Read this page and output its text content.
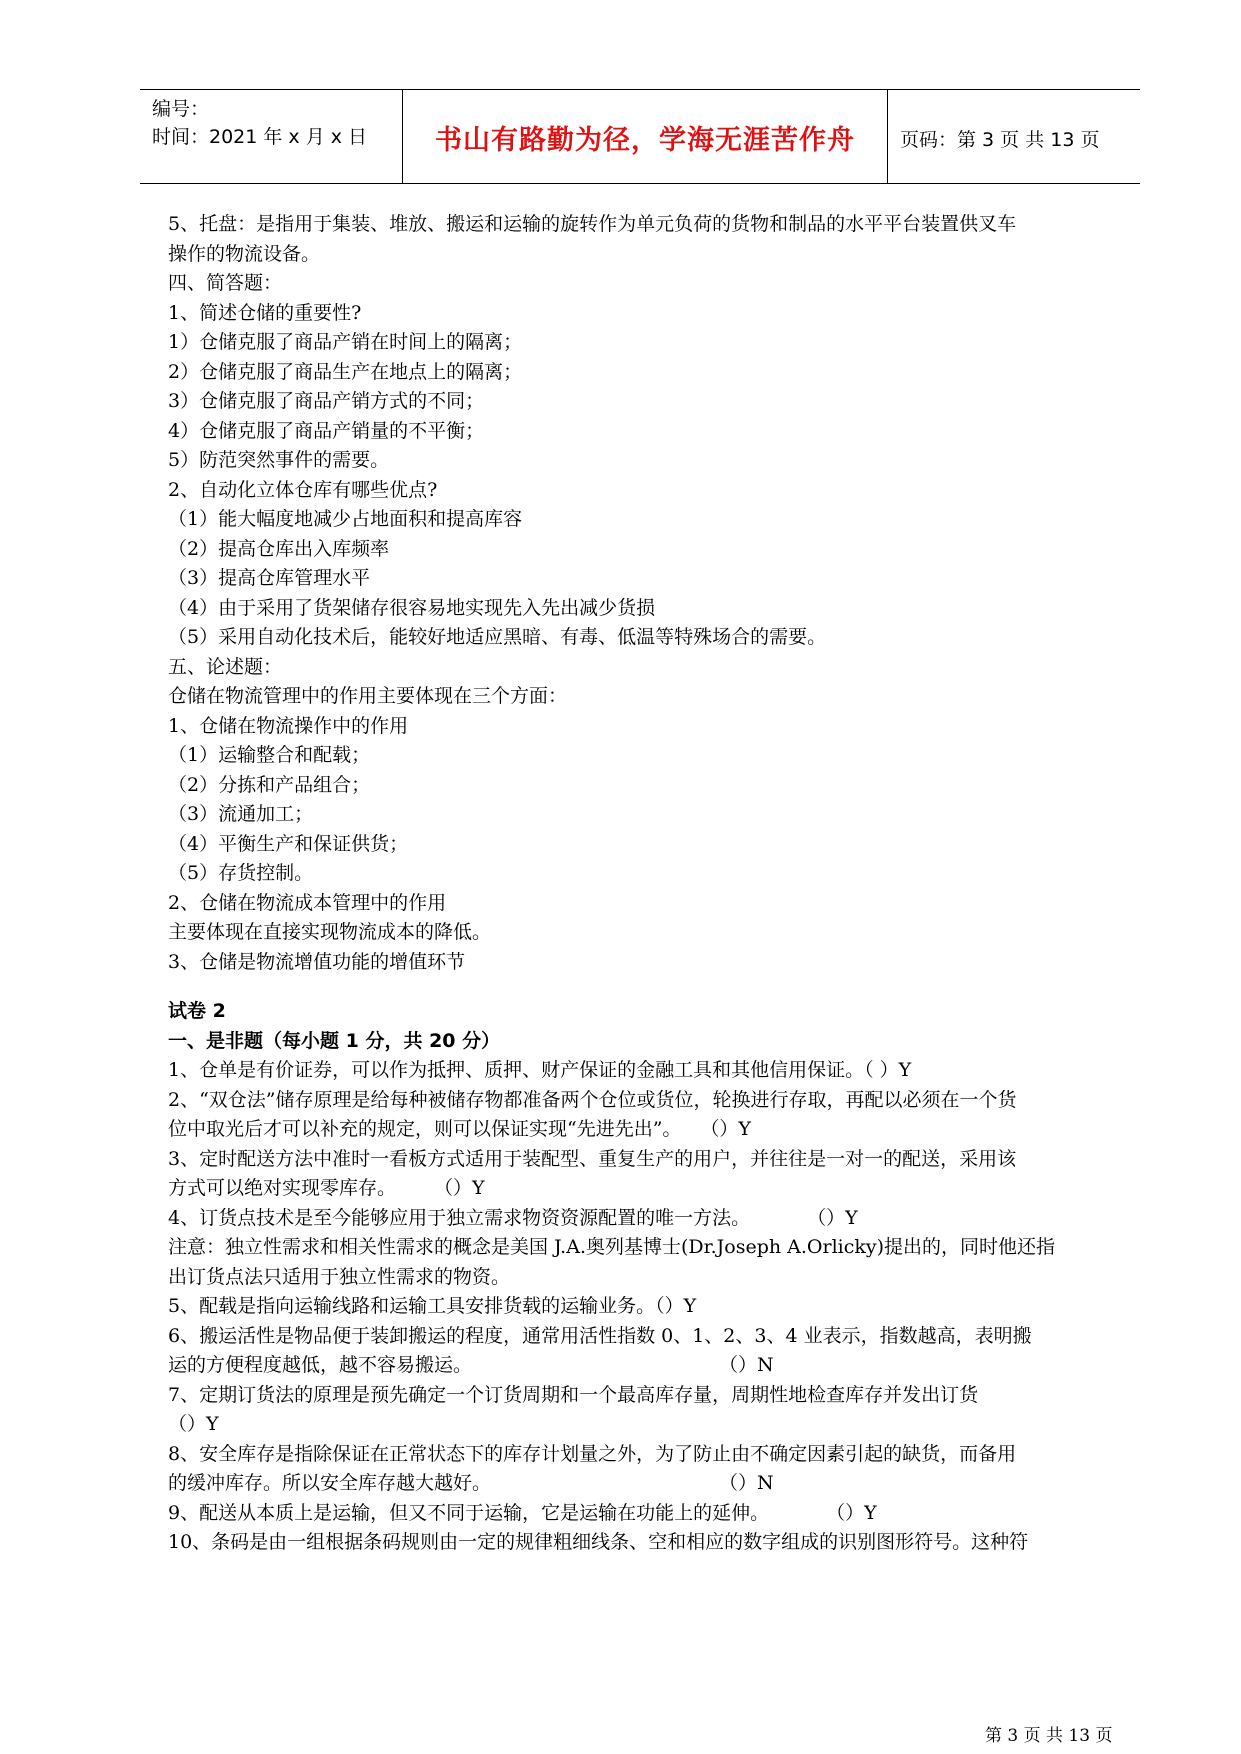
编号：
时间：2021 年 x 月 x 日	书山有路勤为径，学海无涯苦作舟	页码：第 3 页 共 13 页
5、托盘：是指用于集装、堆放、搬运和运输的旋转作为单元负荷的货物和制品的水平平台装置供叉车
操作的物流设备。
四、简答题：
1、简述仓储的重要性?
1）仓储克服了商品产销在时间上的隔离；
2）仓储克服了商品生产在地点上的隔离；
3）仓储克服了商品产销方式的不同；
4）仓储克服了商品产销量的不平衡；
5）防范突然事件的需要。
2、自动化立体仓库有哪些优点?
（1）能大幅度地减少占地面积和提高库容
（2）提高仓库出入库频率
（3）提高仓库管理水平
（4）由于采用了货架储存很容易地实现先入先出减少货损
（5）采用自动化技术后，能较好地适应黑暗、有毒、低温等特殊场合的需要。
五、论述题：
仓储在物流管理中的作用主要体现在三个方面：
1、仓储在物流操作中的作用
（1）运输整合和配载；
（2）分拣和产品组合；
（3）流通加工；
（4）平衡生产和保证供货；
（5）存货控制。
2、仓储在物流成本管理中的作用
主要体现在直接实现物流成本的降低。
3、仓储是物流增值功能的增值环节
试卷 2
一、是非题（每小题 1 分，共 20 分）
1、仓单是有价证券，可以作为抵押、质押、财产保证的金融工具和其他信用保证。（ ）Y
2、“双仓法”储存原理是给每种被储存物都准备两个仓位或货位，轮换进行存取，再配以必须在一个货
位中取光后才可以补充的规定，则可以保证实现“先进先出”。　　（）Y
3、定时配送方法中准时一看板方式适用于装配型、重复生产的用户，并往往是一对一的配送，采用该
方式可以绝对实现零库存。　　　（）Y
4、订货点技术是至今能够应用于独立需求物资资源配置的唯一方法。　　　　（）Y
注意：独立性需求和相关性需求的概念是美国 J.A.奥列基博士(Dr.Joseph A.Orlicky)提出的，同时他还指
出订货点法只适用于独立性需求的物资。
5、配载是指向运输线路和运输工具安排货载的运输业务。（）Y
6、搬运活性是物品便于装卸搬运的程度，通常用活性指数 0、1、2、3、4 业表示，指数越高，表明搬
运的方便程度越低，越不容易搬运。　　　　　　　　　　　　　　（）N
7、定期订货法的原理是预先确定一个订货周期和一个最高库存量，周期性地检查库存并发出订货
（）Y
8、安全库存是指除保证在正常状态下的库存计划量之外，为了防止由不确定因素引起的缺货，而备用
的缓冲库存。所以安全库存越大越好。　　　　　　　　　　　　　（）N
9、配送从本质上是运输，但又不同于运输，它是运输在功能上的延伸。　　　　（）Y
10、条码是由一组根据条码规则由一定的规律粗细线条、空和相应的数字组成的识别图形符号。这种符
第 3 页 共 13 页
